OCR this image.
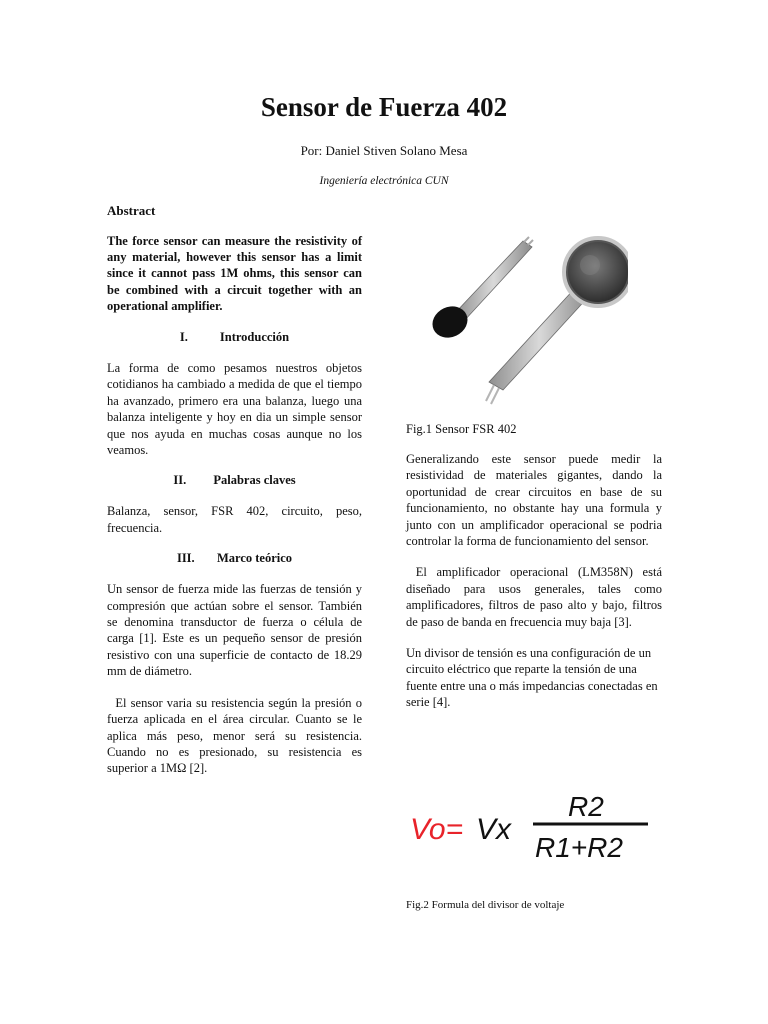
Sensor de Fuerza 402
Por: Daniel Stiven Solano Mesa
Ingeniería electrónica CUN
Abstract
The force sensor can measure the resistivity of any material, however this sensor has a limit since it cannot pass 1M ohms, this sensor can be combined with a circuit together with an operational amplifier.
I.	Introducción
La forma de como pesamos nuestros objetos cotidianos ha cambiado a medida de que el tiempo ha avanzado, primero era una balanza, luego una balanza inteligente y hoy en dia un simple sensor que nos ayuda en muchas cosas aunque no los veamos.
II. Palabras claves
Balanza, sensor, FSR 402, circuito, peso, frecuencia.
III. Marco teórico
Un sensor de fuerza mide las fuerzas de tensión y compresión que actúan sobre el sensor. También se denomina transductor de fuerza o célula de carga [1]. Este es un pequeño sensor de presión resistivo con una superficie de contacto de 18.29 mm de diámetro.
El sensor varia su resistencia según la presión o fuerza aplicada en el área circular. Cuanto se le aplica más peso, menor será su resistencia. Cuando no es presionado, su resistencia es superior a 1MΩ [2].
Fig.1 Sensor FSR 402
Generalizando este sensor puede medir la resistividad de materiales gigantes, dando la oportunidad de crear circuitos en base de su funcionamiento, no obstante hay una formula y junto con un amplificador operacional se podria controlar la forma de funcionamiento del sensor.
El amplificador operacional (LM358N) está diseñado para usos generales, tales como amplificadores, filtros de paso alto y bajo, filtros de paso de banda en frecuencia muy baja [3].
Un divisor de tensión es una configuración de un circuito eléctrico que reparte la tensión de una fuente entre una o más impedancias conectadas en serie [4].
Vo= Vx
R2
R1+R2
Fig.2 Formula del divisor de voltaje
